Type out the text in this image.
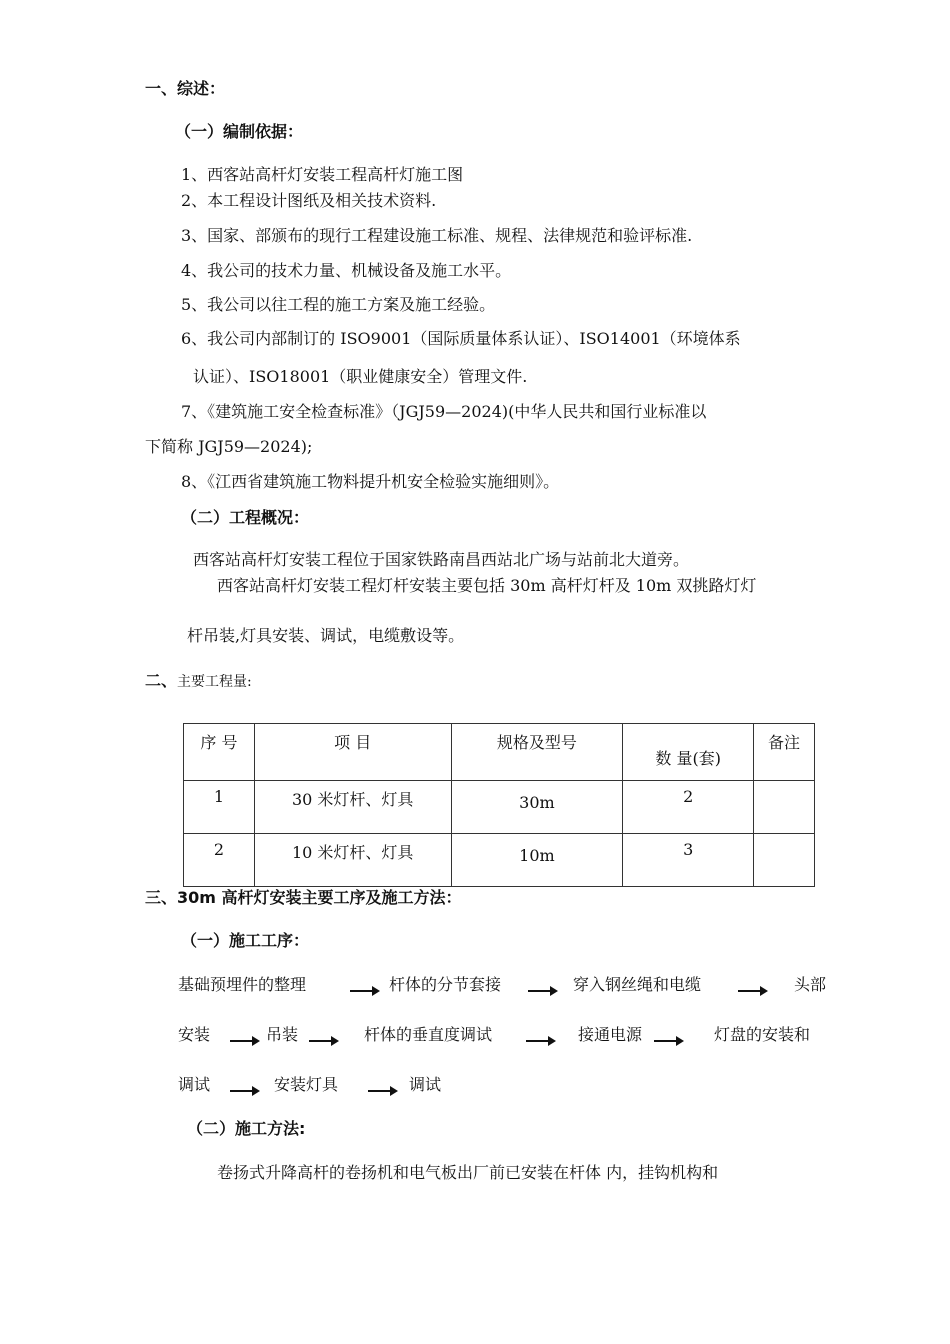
一、综述：
（一）编制依据：
1、西客站高杆灯安装工程高杆灯施工图
2、本工程设计图纸及相关技术资料.
3、国家、部颁布的现行工程建设施工标准、规程、法律规范和验评标准.
4、我公司的技术力量、机械设备及施工水平。
5、我公司以往工程的施工方案及施工经验。
6、我公司内部制订的 ISO9001（国际质量体系认证）、ISO14001（环境体系
认证）、ISO18001（职业健康安全）管理文件.
7、《建筑施工安全检查标准》（JGJ59—2024)(中华人民共和国行业标准以
下简称 JGJ59—2024);
8、《江西省建筑施工物料提升机安全检验实施细则》。
（二）工程概况：
西客站高杆灯安装工程位于国家铁路南昌西站北广场与站前北大道旁。
西客站高杆灯安装工程灯杆安装主要包括 30m 高杆灯杆及 10m 双挑路灯灯
杆吊装,灯具安装、调试，电缆敷设等。
二、主要工程量:
序 号	项 目	规格及型号	数 量(套)	备注
1	30 米灯杆、灯具	30m	2	
2	10 米灯杆、灯具	10m	3	
三、30m 高杆灯安装主要工序及施工方法：
（一）施工工序：
基础预埋件的整理	杆体的分节套接	穿入钢丝绳和电缆	头部
安装	吊装	杆体的垂直度调试	接通电源	灯盘的安装和
调试	安装灯具	调试
（二）施工方法:
卷扬式升降高杆的卷扬机和电气板出厂前已安装在杆体 内，挂钩机构和
